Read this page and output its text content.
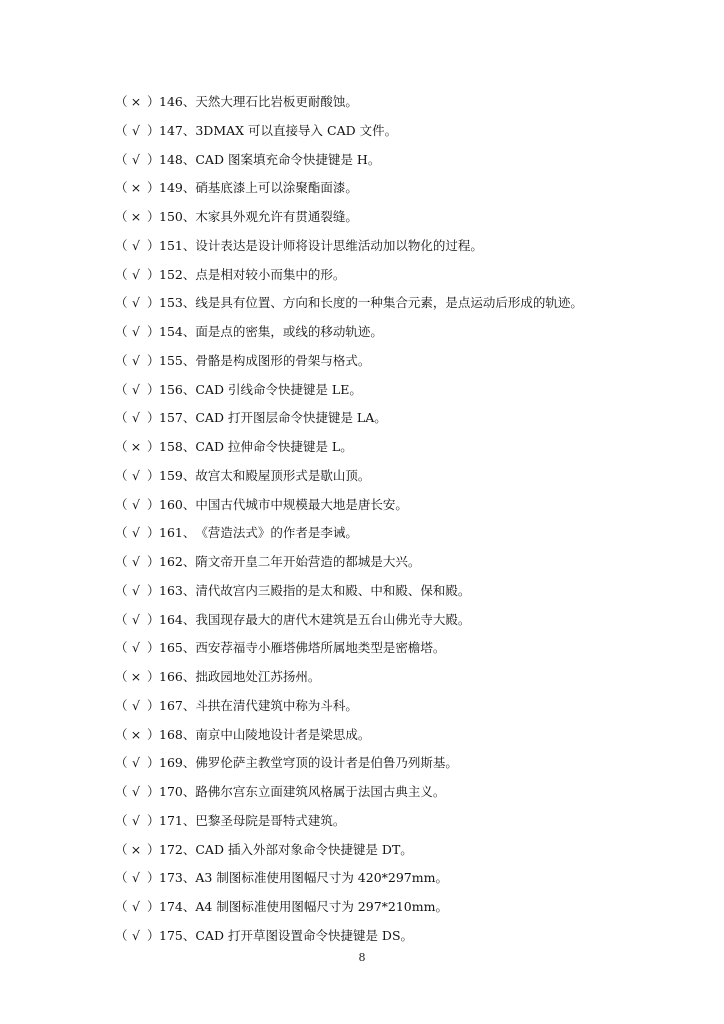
（ × ） 146、 天然大理石比岩板更耐酸蚀。
（ √ ） 147、 3DMAX 可以直接导入 CAD 文件。
（ √ ） 148、 CAD 图案填充命令快捷键是 H。
（ × ） 149、 硝基底漆上可以涂聚酯面漆。
（ × ） 150、 木家具外观允许有贯通裂缝。
（ √ ） 151、 设计表达是设计师将设计思维活动加以物化的过程。
（ √ ） 152、 点是相对较小而集中的形。
（ √ ） 153、 线是具有位置、方向和长度的一种集合元素，是点运动后形成的轨迹。
（ √ ） 154、 面是点的密集，或线的移动轨迹。
（ √ ） 155、 骨骼是构成图形的骨架与格式。
（ √ ） 156、 CAD 引线命令快捷键是 LE。
（ √ ） 157、 CAD 打开图层命令快捷键是 LA。
（ × ） 158、 CAD 拉伸命令快捷键是 L。
（ √ ） 159、 故宫太和殿屋顶形式是歇山顶。
（ √ ） 160、 中国古代城市中规模最大地是唐长安。
（ √ ） 161、 《营造法式》的作者是李诫。
（ √ ） 162、 隋文帝开皇二年开始营造的都城是大兴。
（ √ ） 163、 清代故宫内三殿指的是太和殿、中和殿、保和殿。
（ √ ） 164、 我国现存最大的唐代木建筑是五台山佛光寺大殿。
（ √ ） 165、 西安荐福寺小雁塔佛塔所属地类型是密檐塔。
（ × ） 166、 拙政园地处江苏扬州。
（ √ ） 167、 斗拱在清代建筑中称为斗科。
（ × ） 168、 南京中山陵地设计者是梁思成。
（ √ ） 169、 佛罗伦萨主教堂穹顶的设计者是伯鲁乃列斯基。
（ √ ） 170、 路佛尔宫东立面建筑风格属于法国古典主义。
（ √ ） 171、 巴黎圣母院是哥特式建筑。
（ × ） 172、 CAD 插入外部对象命令快捷键是 DT。
（ √ ） 173、 A3 制图标准使用图幅尺寸为 420*297mm。
（ √ ） 174、 A4 制图标准使用图幅尺寸为 297*210mm。
（ √ ） 175、 CAD 打开草图设置命令快捷键是 DS。
8
